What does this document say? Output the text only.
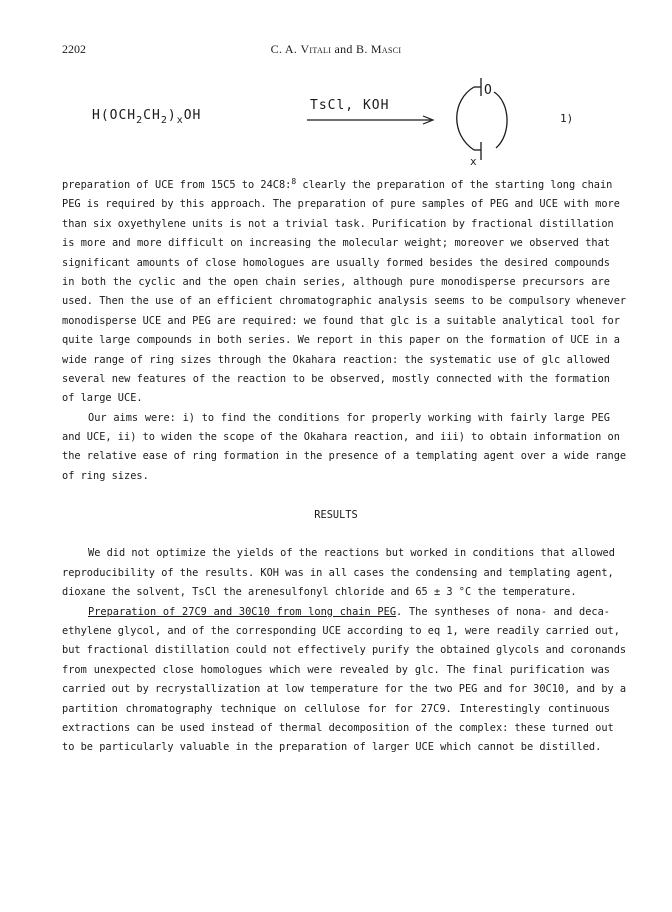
2202	C. A. Vitali and B. Masci
$H(OCH_2CH_2)_xOH$
TsCl, KOH
O
x
1)
preparation of UCE from 15C5 to 24C8:$^8$ clearly the preparation of the starting long chain
PEG is required by this approach. The preparation of pure samples of PEG and UCE with more
than six oxyethylene units is not a trivial task. Purification by fractional distillation
is more and more difficult on increasing the molecular weight; moreover we observed that
significant amounts of close homologues are usually formed besides the desired compounds
in both the cyclic and the open chain series, although pure monodisperse precursors are
used. Then the use of an efficient chromatographic analysis seems to be compulsory whenever
monodisperse UCE and PEG are required: we found that glc is a suitable analytical tool for
quite large compounds in both series. We report in this paper on the formation of UCE in a
wide range of ring sizes through the Okahara reaction: the systematic use of glc allowed
several new features of the reaction to be observed, mostly connected with the formation
of large UCE.
Our aims were: i) to find the conditions for properly working with fairly large PEG
and UCE, ii) to widen the scope of the Okahara reaction, and iii) to obtain information on
the relative ease of ring formation in the presence of a templating agent over a wide range
of ring sizes.
RESULTS
We did not optimize the yields of the reactions but worked in conditions that allowed
reproducibility of the results. KOH was in all cases the condensing and templating agent,
dioxane the solvent, TsCl the arenesulfonyl chloride and 65 ± 3 °C the temperature.
Preparation of 27C9 and 30C10 from long chain PEG. The syntheses of nona- and deca-
ethylene glycol, and of the corresponding UCE according to eq 1, were readily carried out,
but fractional distillation could not effectively purify the obtained glycols and coronands
from unexpected close homologues which were revealed by glc. The final purification was
carried out by recrystallization at low temperature for the two PEG and for 30C10, and by a
partition chromatography technique on cellulose for for 27C9. Interestingly continuous
extractions can be used instead of thermal decomposition of the complex: these turned out
to be particularly valuable in the preparation of larger UCE which cannot be distilled.
